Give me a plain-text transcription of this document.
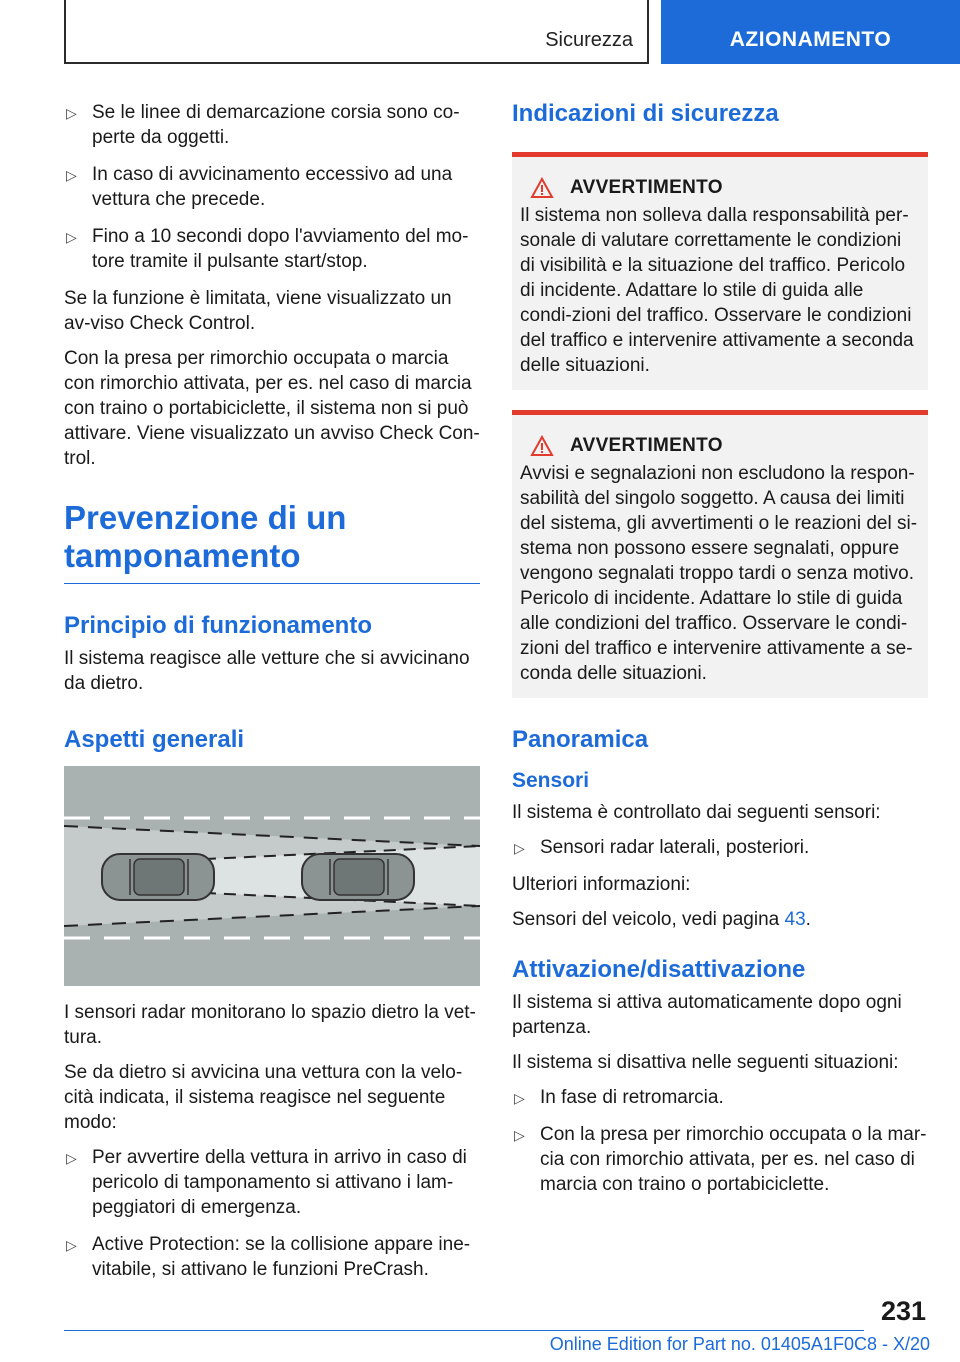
Sicurezza	AZIONAMENTO
▷ Se le linee di demarcazione corsia sono co-perte da oggetti.
▷ In caso di avvicinamento eccessivo ad una vettura che precede.
▷ Fino a 10 secondi dopo l'avviamento del mo-tore tramite il pulsante start/stop.

Se la funzione è limitata, viene visualizzato un av-viso Check Control.

Con la presa per rimorchio occupata o marcia con rimorchio attivata, per es. nel caso di marcia con traino o portabiciclette, il sistema non si può attivare. Viene visualizzato un avviso Check Con-trol.

Prevenzione di un tamponamento
Principio di funzionamento

Il sistema reagisce alle vetture che si avvicinano da dietro.

Aspetti generali

I sensori radar monitorano lo spazio dietro la vet-tura.

Se da dietro si avvicina una vettura con la velo-cità indicata, il sistema reagisce nel seguente modo:

▷ Per avvertire della vettura in arrivo in caso di pericolo di tamponamento si attivano i lam-peggiatori di emergenza.
▷ Active Protection: se la collisione appare ine-vitabile, si attivano le funzioni PreCrash.
Indicazioni di sicurezza
AVVERTIMENTO

Il sistema non solleva dalla responsabilità per-sonale di valutare correttamente le condizioni di visibilità e la situazione del traffico. Pericolo di incidente. Adattare lo stile di guida alle condi-zioni del traffico. Osservare le condizioni del traffico e intervenire attivamente a seconda delle situazioni.

AVVERTIMENTO

Avvisi e segnalazioni non escludono la respon-sabilità del singolo soggetto. A causa dei limiti del sistema, gli avvertimenti o le reazioni del si-stema non possono essere segnalati, oppure vengono segnalati troppo tardi o senza motivo. Pericolo di incidente. Adattare lo stile di guida alle condizioni del traffico. Osservare le condi-zioni del traffico e intervenire attivamente a se-conda delle situazioni.

Panoramica
Sensori

Il sistema è controllato dai seguenti sensori:

▷ Sensori radar laterali, posteriori.

Ulteriori informazioni:

Sensori del veicolo, vedi pagina 43.

Attivazione/disattivazione

Il sistema si attiva automaticamente dopo ogni partenza.

Il sistema si disattiva nelle seguenti situazioni:

▷ In fase di retromarcia.
▷ Con la presa per rimorchio occupata o la mar-cia con rimorchio attivata, per es. nel caso di marcia con traino o portabiciclette.
231
Online Edition for Part no. 01405A1F0C8 - X/20
